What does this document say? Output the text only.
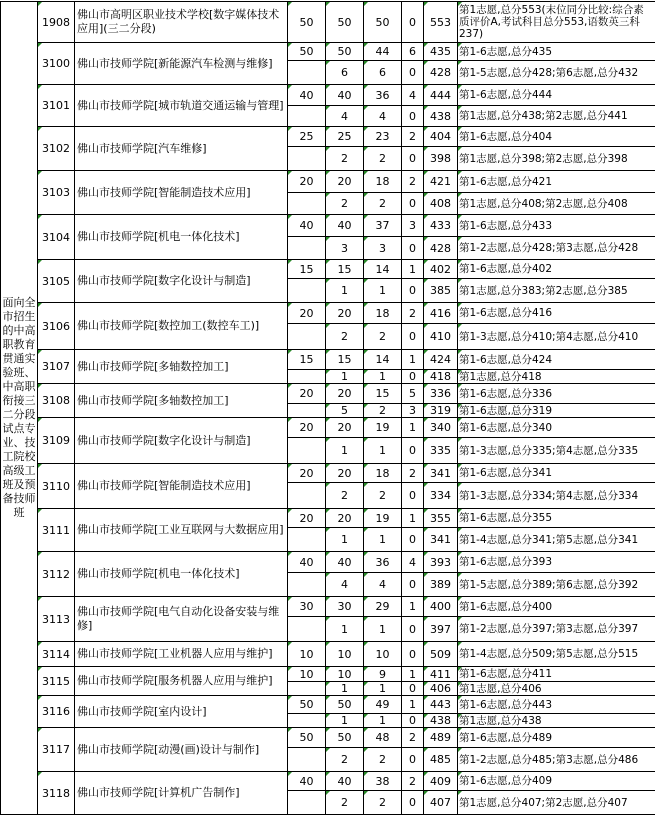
面向全市招生的中高职教育贯通实验班、中高职衔接三二分段试点专业、技工院校高级工班及预备技师班	1908	佛山市高明区职业技术学校[数字媒体技术应用](三二分段)	50	50	50	0	553	第1志愿,总分553(末位同分比较:综合素质评价A,考试科目总分553,语数英三科237)
	3100	佛山市技师学院[新能源汽车检测与维修]	50	50	44	6	435	第1-6志愿,总分435
				6	6	0	428	第1-5志愿,总分428;第6志愿,总分432
	3101	佛山市技师学院[城市轨道交通运输与管理]	40	40	36	4	444	第1-6志愿,总分444
				4	4	0	438	第1志愿,总分438;第2志愿,总分441
	3102	佛山市技师学院[汽车维修]	25	25	23	2	404	第1-6志愿,总分404
				2	2	0	398	第1志愿,总分398;第2志愿,总分398
	3103	佛山市技师学院[智能制造技术应用]	20	20	18	2	421	第1-6志愿,总分421
				2	2	0	408	第1志愿,总分408;第2志愿,总分408
	3104	佛山市技师学院[机电一体化技术]	40	40	37	3	433	第1-6志愿,总分433
				3	3	0	428	第1-2志愿,总分428;第3志愿,总分428
	3105	佛山市技师学院[数字化设计与制造]	15	15	14	1	402	第1-6志愿,总分402
				1	1	0	385	第1志愿,总分383;第2志愿,总分385
	3106	佛山市技师学院[数控加工(数控车工)]	20	20	18	2	416	第1-6志愿,总分416
				2	2	0	410	第1-3志愿,总分410;第4志愿,总分410
	3107	佛山市技师学院[多轴数控加工]	15	15	14	1	424	第1-6志愿,总分424
				1	1	0	418	第1志愿,总分418
	3108	佛山市技师学院[多轴数控加工]	20	20	15	5	336	第1-6志愿,总分336
				5	2	3	319	第1-6志愿,总分319
	3109	佛山市技师学院[数字化设计与制造]	20	20	19	1	340	第1-6志愿,总分340
				1	1	0	335	第1-3志愿,总分335;第4志愿,总分335
	3110	佛山市技师学院[智能制造技术应用]	20	20	18	2	341	第1-6志愿,总分341
				2	2	0	334	第1-3志愿,总分334;第4志愿,总分334
	3111	佛山市技师学院[工业互联网与大数据应用]	20	20	19	1	355	第1-6志愿,总分355
				1	1	0	341	第1-4志愿,总分341;第5志愿,总分341
	3112	佛山市技师学院[机电一体化技术]	40	40	36	4	393	第1-6志愿,总分393
				4	4	0	389	第1-5志愿,总分389;第6志愿,总分392
	3113	佛山市技师学院[电气自动化设备安装与维修]	30	30	29	1	400	第1-6志愿,总分400
				1	1	0	397	第1-2志愿,总分397;第3志愿,总分397
	3114	佛山市技师学院[工业机器人应用与维护]	10	10	10	0	509	第1-4志愿,总分509;第5志愿,总分515
	3115	佛山市技师学院[服务机器人应用与维护]	10	10	9	1	411	第1-6志愿,总分411
				1	1	0	406	第1志愿,总分406
	3116	佛山市技师学院[室内设计]	50	50	49	1	443	第1-6志愿,总分443
				1	1	0	438	第1志愿,总分438
	3117	佛山市技师学院[动漫(画)设计与制作]	50	50	48	2	489	第1-6志愿,总分489
				2	2	0	485	第1-2志愿,总分485;第3志愿,总分486
	3118	佛山市技师学院[计算机广告制作]	40	40	38	2	409	第1-6志愿,总分409
				2	2	0	407	第1志愿,总分407;第2志愿,总分407
